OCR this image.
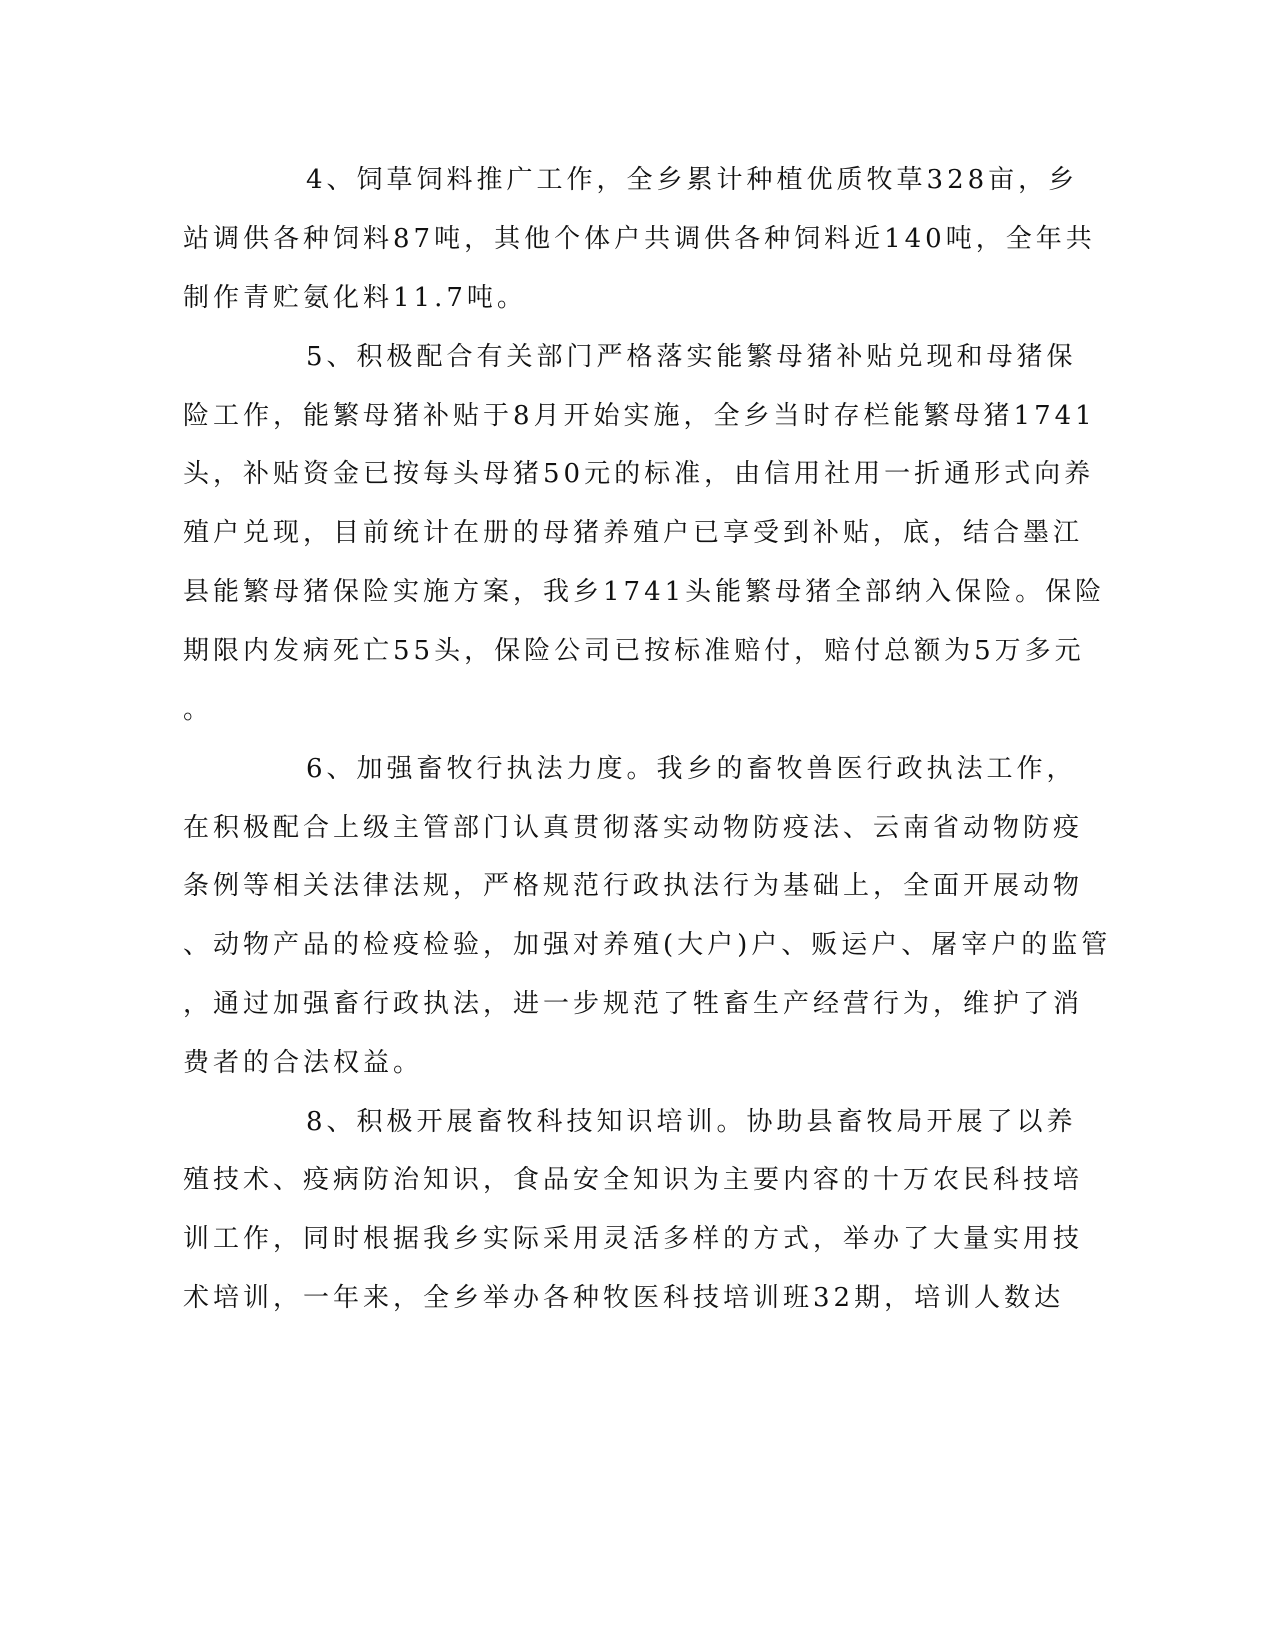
4、饲草饲料推广工作，全乡累计种植优质牧草328亩，乡

站调供各种饲料87吨，其他个体户共调供各种饲料近140吨，全年共

制作青贮氨化料11.7吨。

5、积极配合有关部门严格落实能繁母猪补贴兑现和母猪保

险工作，能繁母猪补贴于8月开始实施，全乡当时存栏能繁母猪1741

头，补贴资金已按每头母猪50元的标准，由信用社用一折通形式向养

殖户兑现，目前统计在册的母猪养殖户已享受到补贴，底，结合墨江

县能繁母猪保险实施方案，我乡1741头能繁母猪全部纳入保险。保险

期限内发病死亡55头，保险公司已按标准赔付，赔付总额为5万多元

。

6、加强畜牧行执法力度。我乡的畜牧兽医行政执法工作，

在积极配合上级主管部门认真贯彻落实动物防疫法、云南省动物防疫

条例等相关法律法规，严格规范行政执法行为基础上，全面开展动物

、动物产品的检疫检验，加强对养殖(大户)户、贩运户、屠宰户的监管

，通过加强畜行政执法，进一步规范了牲畜生产经营行为，维护了消

费者的合法权益。

8、积极开展畜牧科技知识培训。协助县畜牧局开展了以养

殖技术、疫病防治知识，食品安全知识为主要内容的十万农民科技培

训工作，同时根据我乡实际采用灵活多样的方式，举办了大量实用技

术培训，一年来，全乡举办各种牧医科技培训班32期，培训人数达
